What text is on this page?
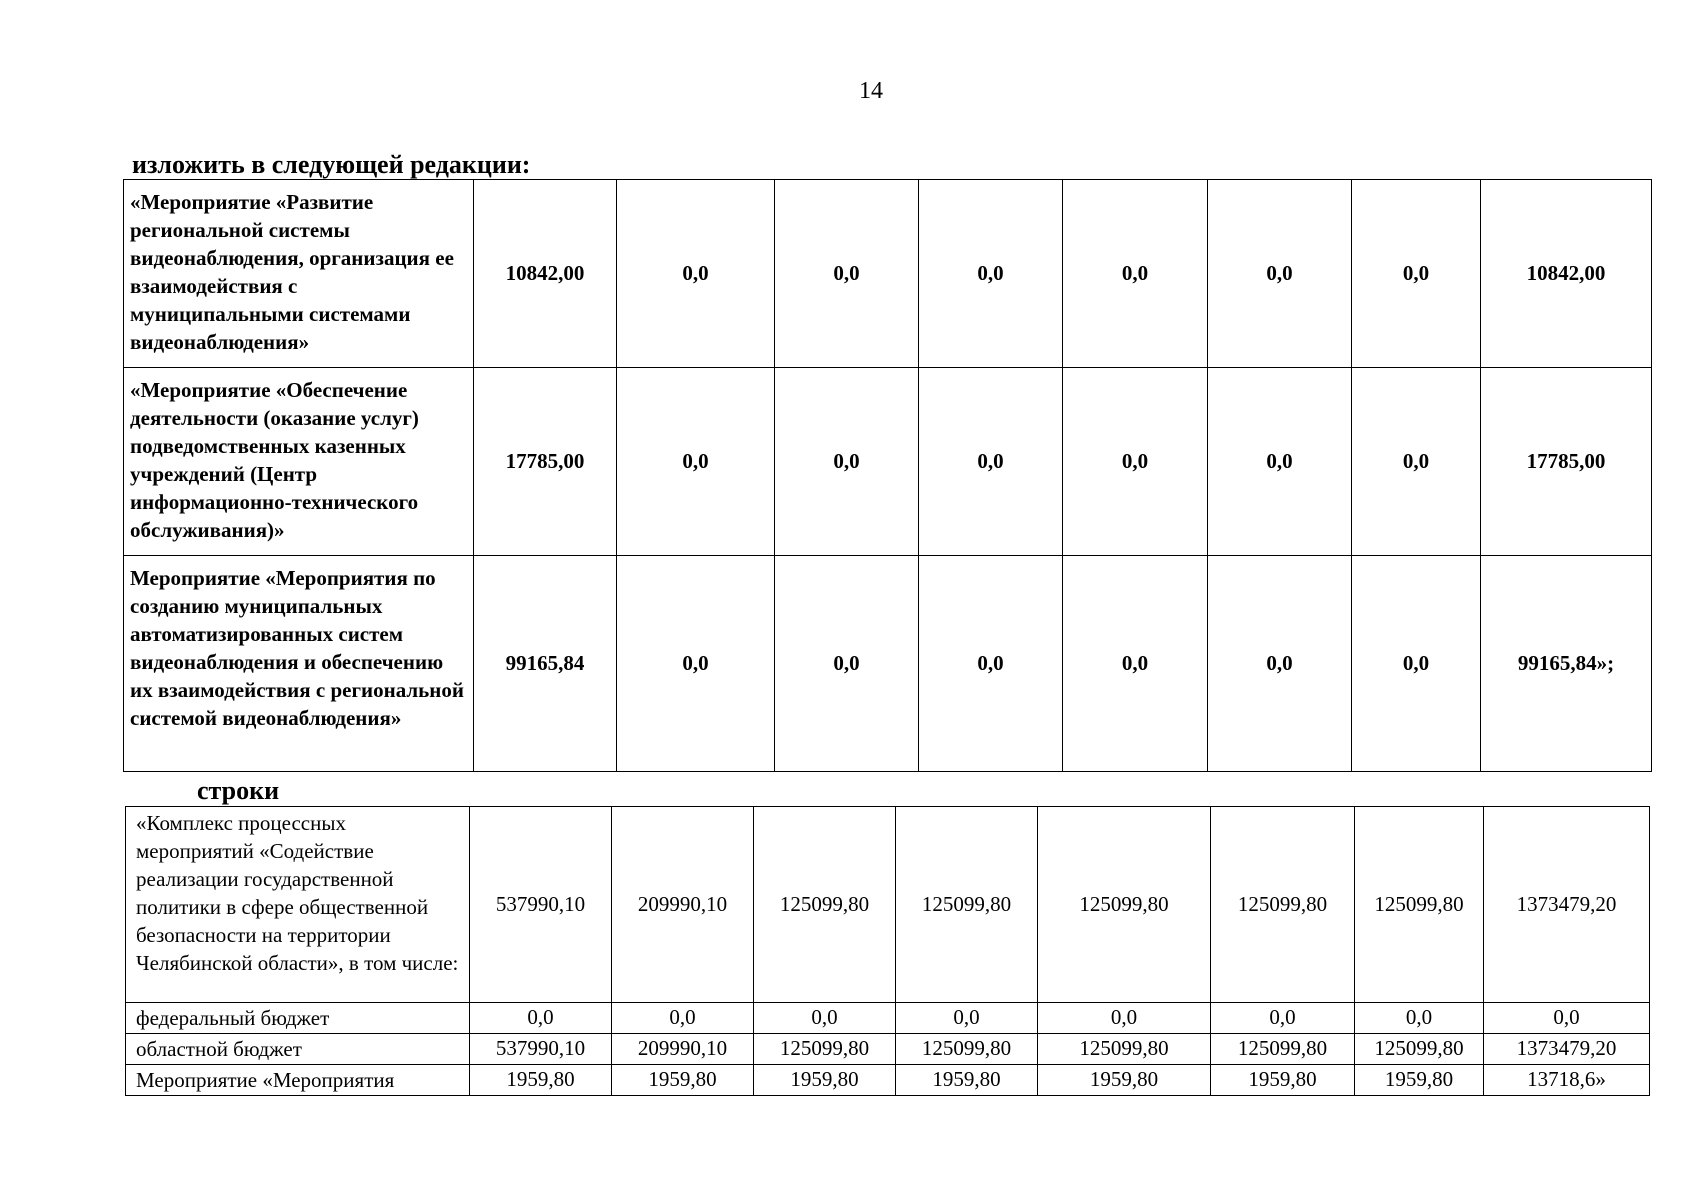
14
изложить в следующей редакции:
«Мероприятие «Развитие региональной системы видеонаблюдения, организация ее взаимодействия с муниципальными системами видеонаблюдения»	10842,00	0,0	0,0	0,0	0,0	0,0	0,0	10842,00
«Мероприятие «Обеспечение деятельности (оказание услуг) подведомственных казенных учреждений (Центр информационно-технического обслуживания)»	17785,00	0,0	0,0	0,0	0,0	0,0	0,0	17785,00
Мероприятие «Мероприятия по созданию муниципальных автоматизированных систем видеонаблюдения и обеспечению их взаимодействия с региональной системой видеонаблюдения»	99165,84	0,0	0,0	0,0	0,0	0,0	0,0	99165,84»;
строки
«Комплекс процессных мероприятий «Содействие реализации государственной политики в сфере общественной безопасности на территории Челябинской области», в том числе:	537990,10	209990,10	125099,80	125099,80	125099,80	125099,80	125099,80	1373479,20
федеральный бюджет	0,0	0,0	0,0	0,0	0,0	0,0	0,0	0,0
областной бюджет	537990,10	209990,10	125099,80	125099,80	125099,80	125099,80	125099,80	1373479,20
Мероприятие «Мероприятия	1959,80	1959,80	1959,80	1959,80	1959,80	1959,80	1959,80	13718,6»
